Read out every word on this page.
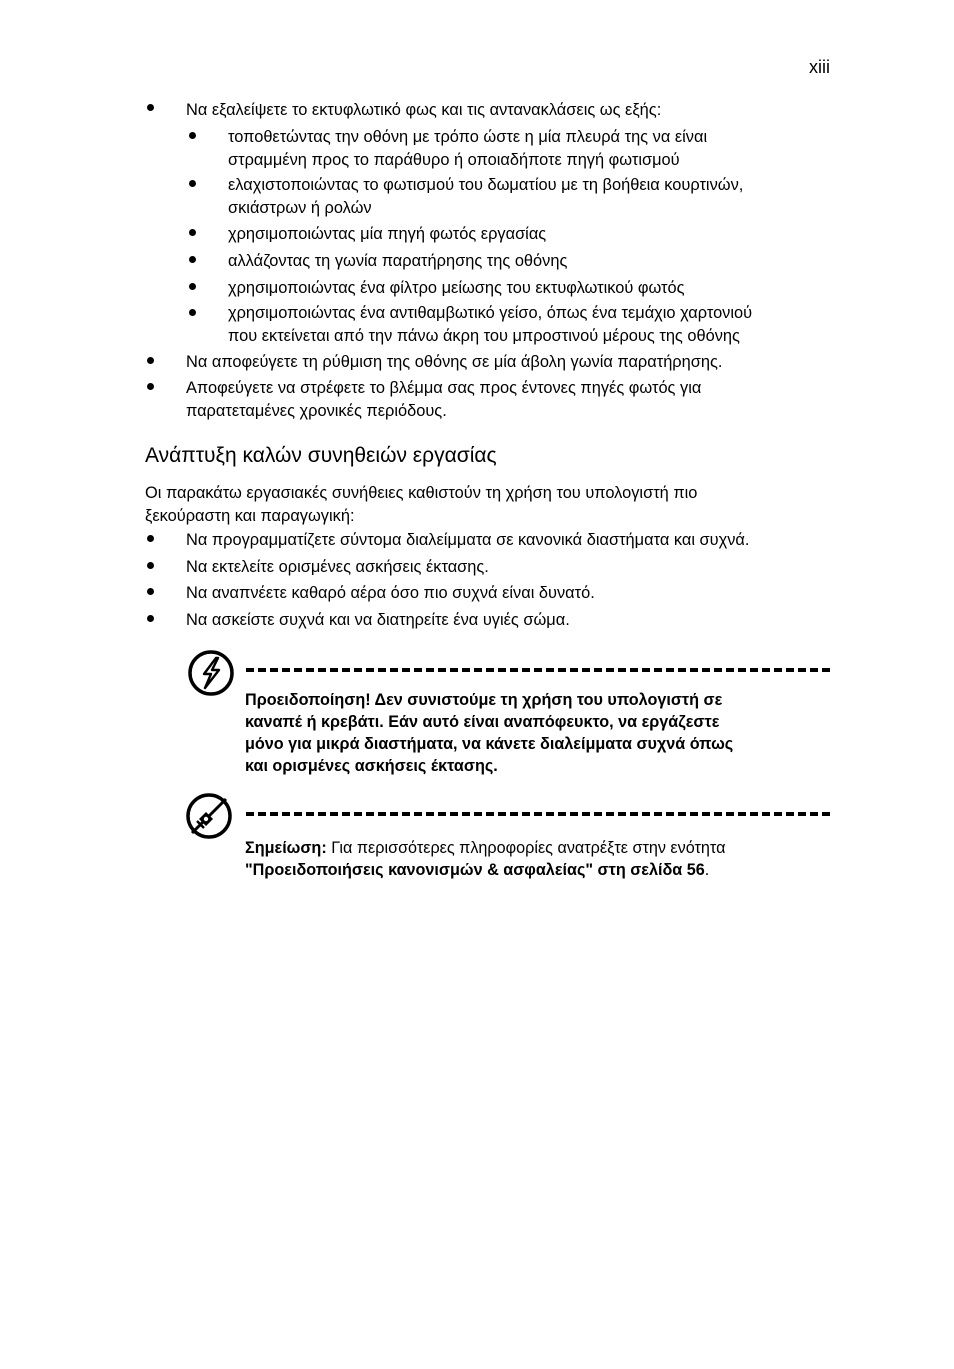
xiii
Να εξαλείψετε το εκτυφλωτικό φως και τις αντανακλάσεις ως εξής:
τοποθετώντας την οθόνη με τρόπο ώστε η μία πλευρά της να είναι
στραμμένη προς το παράθυρο ή οποιαδήποτε πηγή φωτισμού
ελαχιστοποιώντας το φωτισμού του δωματίου με τη βοήθεια κουρτινών,
σκιάστρων ή ρολών
χρησιμοποιώντας μία πηγή φωτός εργασίας
αλλάζοντας τη γωνία παρατήρησης της οθόνης
χρησιμοποιώντας ένα φίλτρο μείωσης του εκτυφλωτικού φωτός
χρησιμοποιώντας ένα αντιθαμβωτικό γείσο, όπως ένα τεμάχιο χαρτονιού
που εκτείνεται από την πάνω άκρη του μπροστινού μέρους της οθόνης
Να αποφεύγετε τη ρύθμιση της οθόνης σε μία άβολη γωνία παρατήρησης.
Αποφεύγετε να στρέφετε το βλέμμα σας προς έντονες πηγές φωτός για
παρατεταμένες χρονικές περιόδους.
Ανάπτυξη καλών συνηθειών εργασίας
Οι παρακάτω εργασιακές συνήθειες καθιστούν τη χρήση του υπολογιστή πιο
ξεκούραστη και παραγωγική:
Να προγραμματίζετε σύντομα διαλείμματα σε κανονικά διαστήματα και συχνά.
Να εκτελείτε ορισμένες ασκήσεις έκτασης.
Να αναπνέετε καθαρό αέρα όσο πιο συχνά είναι δυνατό.
Να ασκείστε συχνά και να διατηρείτε ένα υγιές σώμα.
Προειδοποίηση! Δεν συνιστούμε τη χρήση του υπολογιστή σε
καναπέ ή κρεβάτι. Εάν αυτό είναι αναπόφευκτο, να εργάζεστε
μόνο για μικρά διαστήματα, να κάνετε διαλείμματα συχνά όπως
και ορισμένες ασκήσεις έκτασης.
Σημείωση: Για περισσότερες πληροφορίες ανατρέξτε στην ενότητα
"Προειδοποιήσεις κανονισμών & ασφαλείας" στη σελίδα 56.
